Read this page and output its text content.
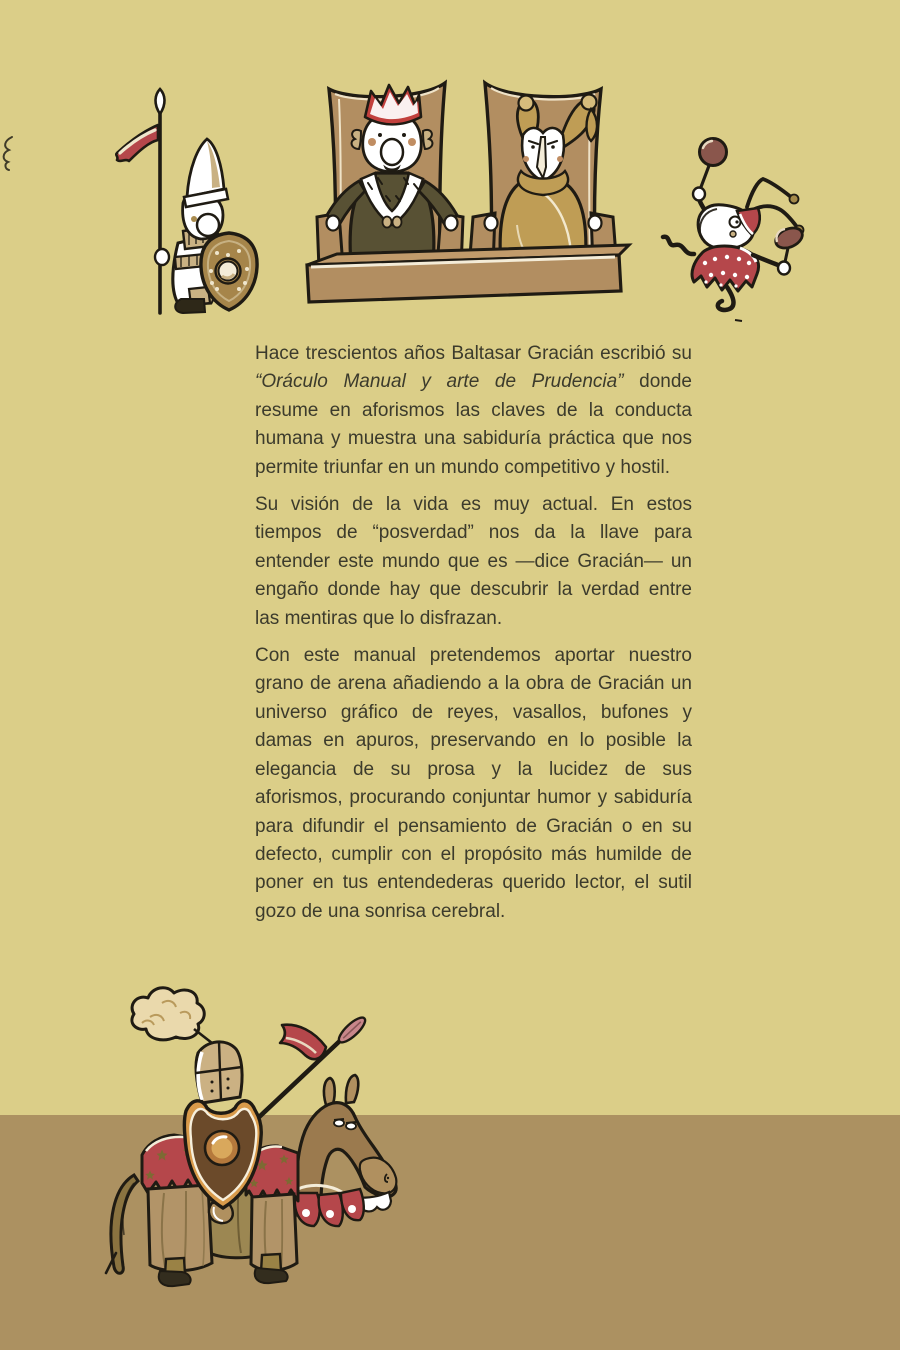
Hace trescientos años Baltasar Gracián escribió su “Oráculo Manual y arte de Prudencia” donde resume en aforismos las claves de la conducta humana y muestra una sabiduría práctica que nos permite triunfar en un mundo competitivo y hostil.

Su visión de la vida es muy actual. En estos tiempos de “posverdad” nos da la llave para entender este mundo que es —dice Gracián— un engaño donde hay que descubrir la verdad entre las mentiras que lo disfrazan.

Con este manual pretendemos aportar nuestro grano de arena añadiendo a la obra de Gracián un universo gráfico de reyes, vasallos, bufones y damas en apuros, preservando en lo posible la elegancia de su prosa y la lucidez de sus aforismos, procurando conjuntar humor y sabiduría para difundir el pensamiento de Gracián o en su defecto, cumplir con el propósito más humilde de poner en tus entendederas querido lector, el sutil gozo de una sonrisa cerebral.
